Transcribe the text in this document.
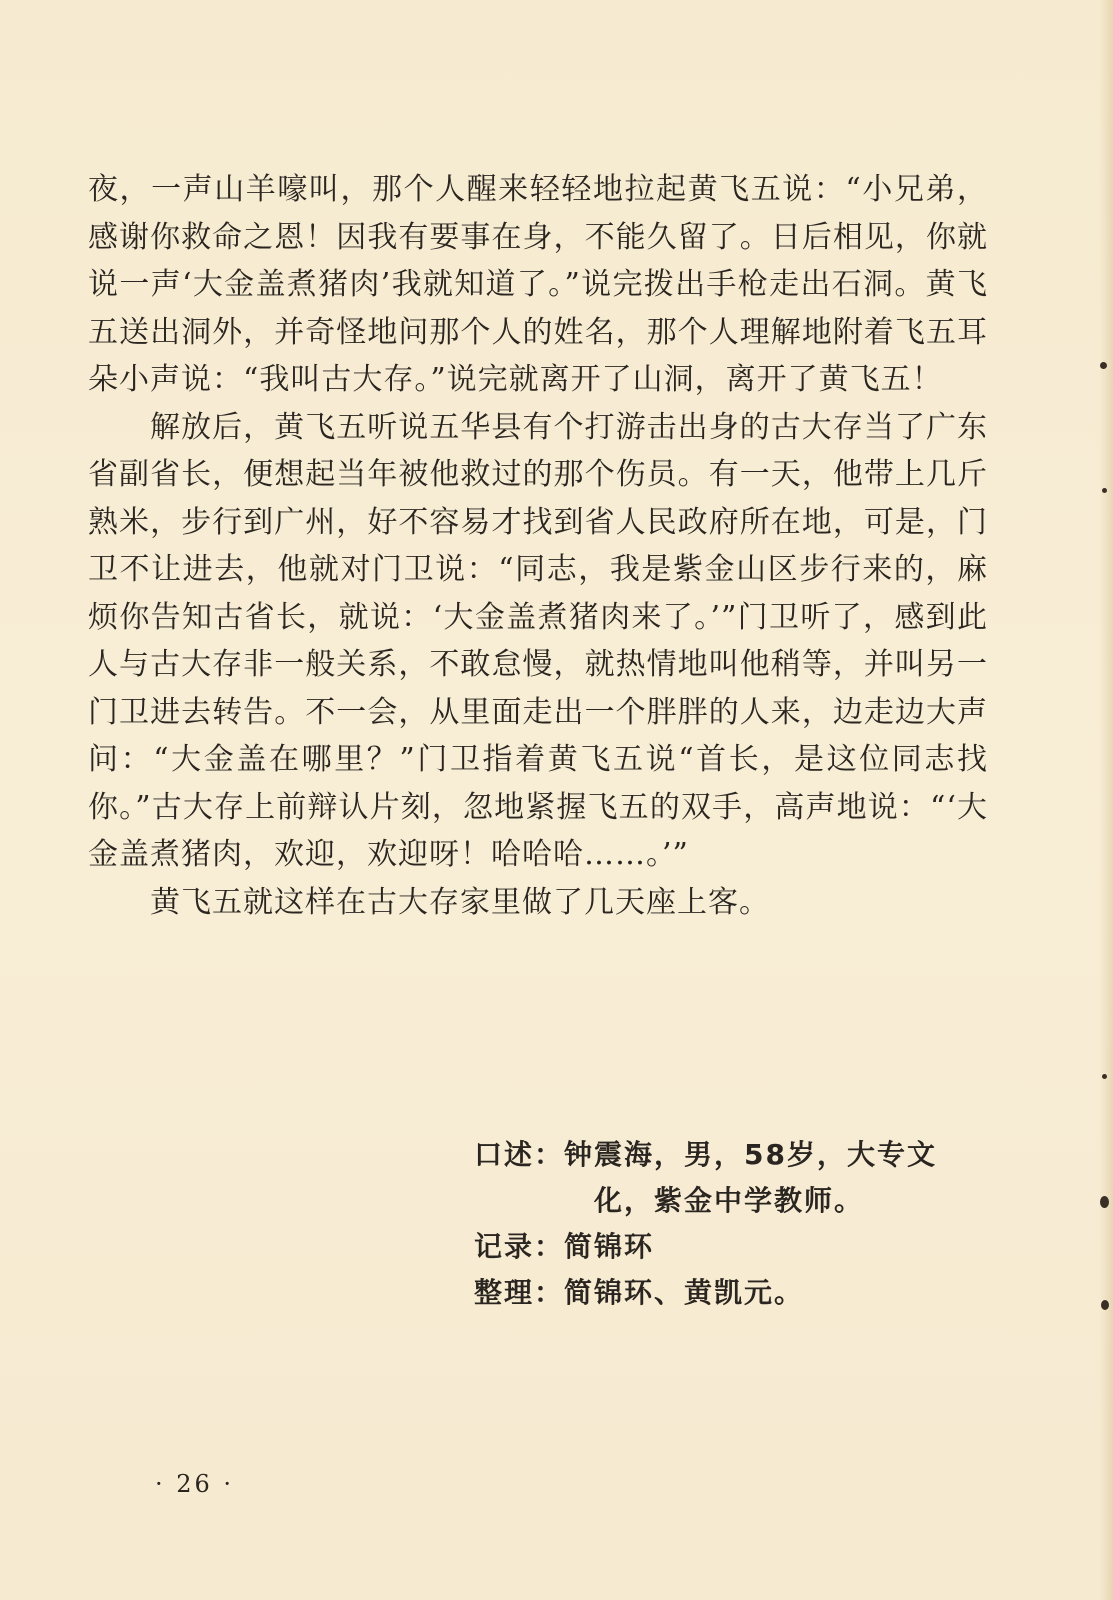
夜，一声山羊嚎叫，那个人醒来轻轻地拉起黄飞五说：“小兄弟，感谢你救命之恩！因我有要事在身，不能久留了。日后相见，你就说一声‘大金盖煮猪肉’我就知道了。”说完拨出手枪走出石洞。黄飞五送出洞外，并奇怪地问那个人的姓名，那个人理解地附着飞五耳朵小声说：“我叫古大存。”说完就离开了山洞，离开了黄飞五！

解放后，黄飞五听说五华县有个打游击出身的古大存当了广东省副省长，便想起当年被他救过的那个伤员。有一天，他带上几斤熟米，步行到广州，好不容易才找到省人民政府所在地，可是，门卫不让进去，他就对门卫说：“同志，我是紫金山区步行来的，麻烦你告知古省长，就说：‘大金盖煮猪肉来了。’”门卫听了，感到此人与古大存非一般关系，不敢怠慢，就热情地叫他稍等，并叫另一门卫进去转告。不一会，从里面走出一个胖胖的人来，边走边大声问：“大金盖在哪里？”门卫指着黄飞五说“首长，是这位同志找你。”古大存上前辩认片刻，忽地紧握飞五的双手，高声地说：“‘大金盖煮猪肉，欢迎，欢迎呀！哈哈哈……。’”

黄飞五就这样在古大存家里做了几天座上客。

口述： 钟震海，男，58岁，大专文
化，紫金中学教师。
记录： 简锦环
整理： 简锦环、黄凯元。
· 26 ·
